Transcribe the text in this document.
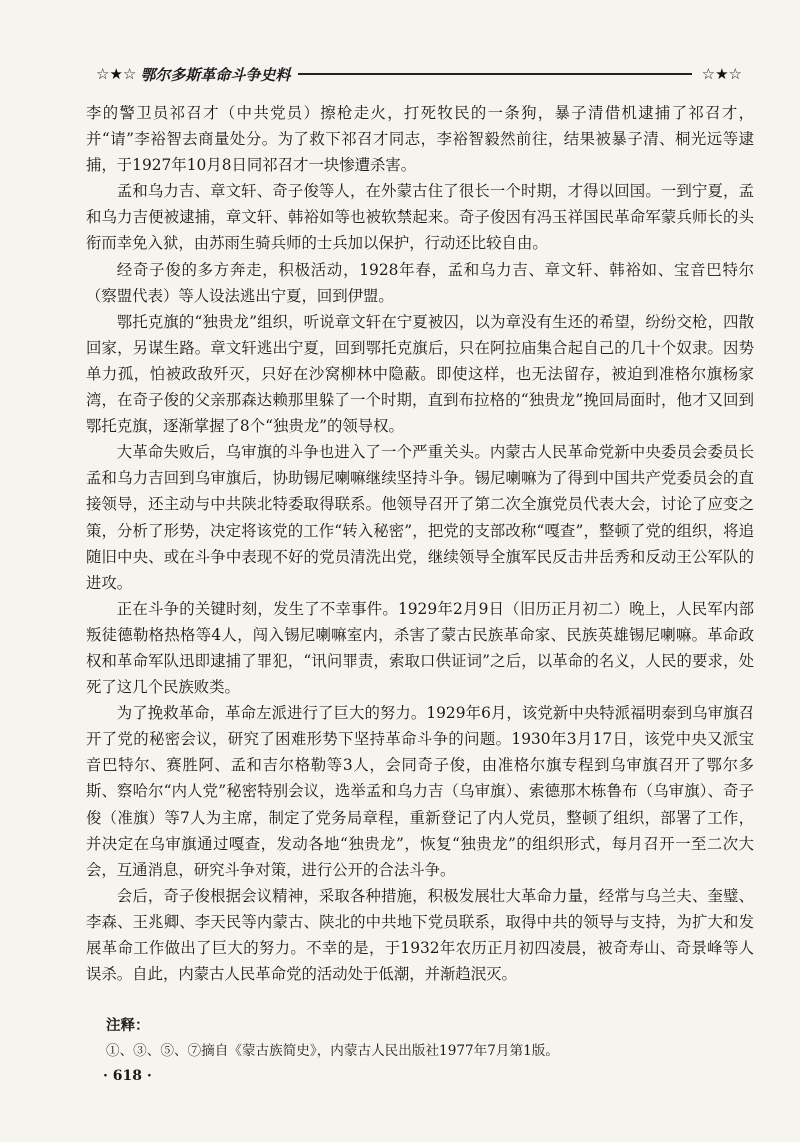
☆★☆ 鄂尔多斯革命斗争史料	☆★☆

李的警卫员祁召才（中共党员）擦枪走火，打死牧民的一条狗，暴子清借机逮捕了祁召才，并“请”李裕智去商量处分。为了救下祁召才同志，李裕智毅然前往，结果被暴子清、桐光远等逮捕，于1927年10月8日同祁召才一块惨遭杀害。

孟和乌力吉、章文轩、奇子俊等人，在外蒙古住了很长一个时期，才得以回国。一到宁夏，孟和乌力吉便被逮捕，章文轩、韩裕如等也被软禁起来。奇子俊因有冯玉祥国民革命军蒙兵师长的头衔而幸免入狱，由苏雨生骑兵师的士兵加以保护，行动还比较自由。

经奇子俊的多方奔走，积极活动，1928年春，孟和乌力吉、章文轩、韩裕如、宝音巴特尔（察盟代表）等人设法逃出宁夏，回到伊盟。

鄂托克旗的“独贵龙”组织，听说章文轩在宁夏被囚，以为章没有生还的希望，纷纷交枪，四散回家，另谋生路。章文轩逃出宁夏，回到鄂托克旗后，只在阿拉庙集合起自己的几十个奴隶。因势单力孤，怕被政敌歼灭，只好在沙窝柳林中隐蔽。即使这样，也无法留存，被迫到准格尔旗杨家湾，在奇子俊的父亲那森达赖那里躲了一个时期，直到布拉格的“独贵龙”挽回局面时，他才又回到鄂托克旗，逐渐掌握了8个“独贵龙”的领导权。

大革命失败后，乌审旗的斗争也进入了一个严重关头。内蒙古人民革命党新中央委员会委员长孟和乌力吉回到乌审旗后，协助锡尼喇嘛继续坚持斗争。锡尼喇嘛为了得到中国共产党委员会的直接领导，还主动与中共陕北特委取得联系。他领导召开了第二次全旗党员代表大会，讨论了应变之策，分析了形势，决定将该党的工作“转入秘密”，把党的支部改称“嘎查”，整顿了党的组织，将追随旧中央、或在斗争中表现不好的党员清洗出党，继续领导全旗军民反击井岳秀和反动王公军队的进攻。

正在斗争的关键时刻，发生了不幸事件。1929年2月9日（旧历正月初二）晚上，人民军内部叛徒德勒格热格等4人，闯入锡尼喇嘛室内，杀害了蒙古民族革命家、民族英雄锡尼喇嘛。革命政权和革命军队迅即逮捕了罪犯，“讯问罪责，索取口供证词”之后，以革命的名义，人民的要求，处死了这几个民族败类。

为了挽救革命，革命左派进行了巨大的努力。1929年6月，该党新中央特派福明泰到乌审旗召开了党的秘密会议，研究了困难形势下坚持革命斗争的问题。1930年3月17日，该党中央又派宝音巴特尔、赛胜阿、孟和吉尔格勒等3人，会同奇子俊，由准格尔旗专程到乌审旗召开了鄂尔多斯、察哈尔“内人党”秘密特别会议，选举孟和乌力吉（乌审旗）、索德那木栋鲁布（乌审旗）、奇子俊（准旗）等7人为主席，制定了党务局章程，重新登记了内人党员，整顿了组织，部署了工作，并决定在乌审旗通过嘎查，发动各地“独贵龙”，恢复“独贵龙”的组织形式，每月召开一至二次大会，互通消息，研究斗争对策，进行公开的合法斗争。

会后，奇子俊根据会议精神，采取各种措施，积极发展壮大革命力量，经常与乌兰夫、奎璧、李森、王兆卿、李天民等内蒙古、陕北的中共地下党员联系，取得中共的领导与支持，为扩大和发展革命工作做出了巨大的努力。不幸的是，于1932年农历正月初四凌晨，被奇寿山、奇景峰等人误杀。自此，内蒙古人民革命党的活动处于低潮，并渐趋泯灭。

注释：

①、③、⑤、⑦摘自《蒙古族简史》，内蒙古人民出版社1977年7月第1版。

· 618 ·
